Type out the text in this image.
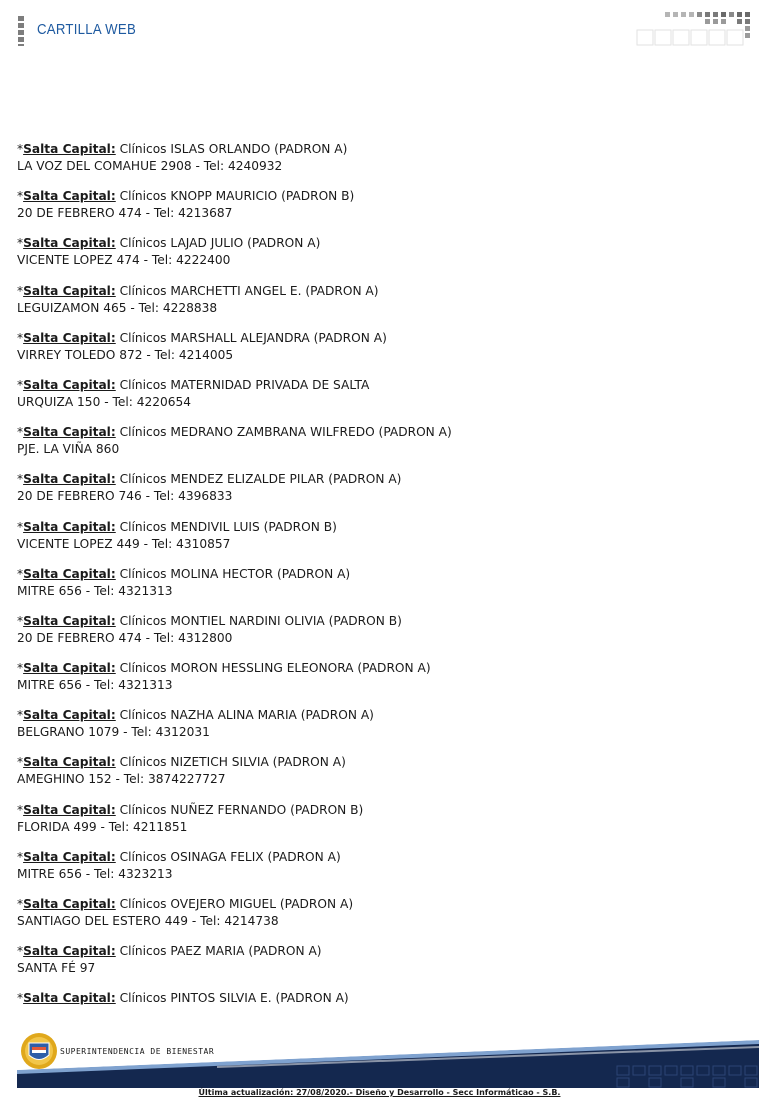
CARTILLA WEB

*Salta Capital: Clínicos ISLAS ORLANDO (PADRON A)

LA VOZ DEL COMAHUE 2908 - Tel: 4240932

*Salta Capital: Clínicos KNOPP MAURICIO (PADRON B)

20 DE FEBRERO 474 - Tel: 4213687

*Salta Capital: Clínicos LAJAD JULIO (PADRON A)

VICENTE LOPEZ 474 - Tel: 4222400

*Salta Capital: Clínicos MARCHETTI ANGEL E. (PADRON A)

LEGUIZAMON 465 - Tel: 4228838

*Salta Capital: Clínicos MARSHALL ALEJANDRA (PADRON A)

VIRREY TOLEDO 872 - Tel: 4214005

*Salta Capital: Clínicos MATERNIDAD PRIVADA DE SALTA

URQUIZA 150 - Tel: 4220654

*Salta Capital: Clínicos MEDRANO ZAMBRANA WILFREDO (PADRON A)

PJE. LA VIÑA 860

*Salta Capital: Clínicos MENDEZ ELIZALDE PILAR (PADRON A)

20 DE FEBRERO 746 - Tel: 4396833

*Salta Capital: Clínicos MENDIVIL LUIS (PADRON B)

VICENTE LOPEZ 449 - Tel: 4310857

*Salta Capital: Clínicos MOLINA HECTOR (PADRON A)

MITRE 656 - Tel: 4321313

*Salta Capital: Clínicos MONTIEL NARDINI OLIVIA (PADRON B)

20 DE FEBRERO 474 - Tel: 4312800

*Salta Capital: Clínicos MORON HESSLING ELEONORA (PADRON A)

MITRE 656 - Tel: 4321313

*Salta Capital: Clínicos NAZHA ALINA MARIA (PADRON A)

BELGRANO 1079 - Tel: 4312031

*Salta Capital: Clínicos NIZETICH SILVIA (PADRON A)

AMEGHINO 152 - Tel: 3874227727

*Salta Capital: Clínicos NUÑEZ FERNANDO (PADRON B)

FLORIDA 499 - Tel: 4211851

*Salta Capital: Clínicos OSINAGA FELIX (PADRON A)

MITRE 656 - Tel: 4323213

*Salta Capital: Clínicos OVEJERO MIGUEL (PADRON A)

SANTIAGO DEL ESTERO 449 - Tel: 4214738

*Salta Capital: Clínicos PAEZ MARIA (PADRON A)

SANTA FÉ 97

*Salta Capital: Clínicos PINTOS SILVIA E. (PADRON A)

SUPERINTENDENCIA DE BIENESTAR
Última actualización: 27/08/2020.- Diseño y Desarrollo - Secc Informáticao - S.B.
